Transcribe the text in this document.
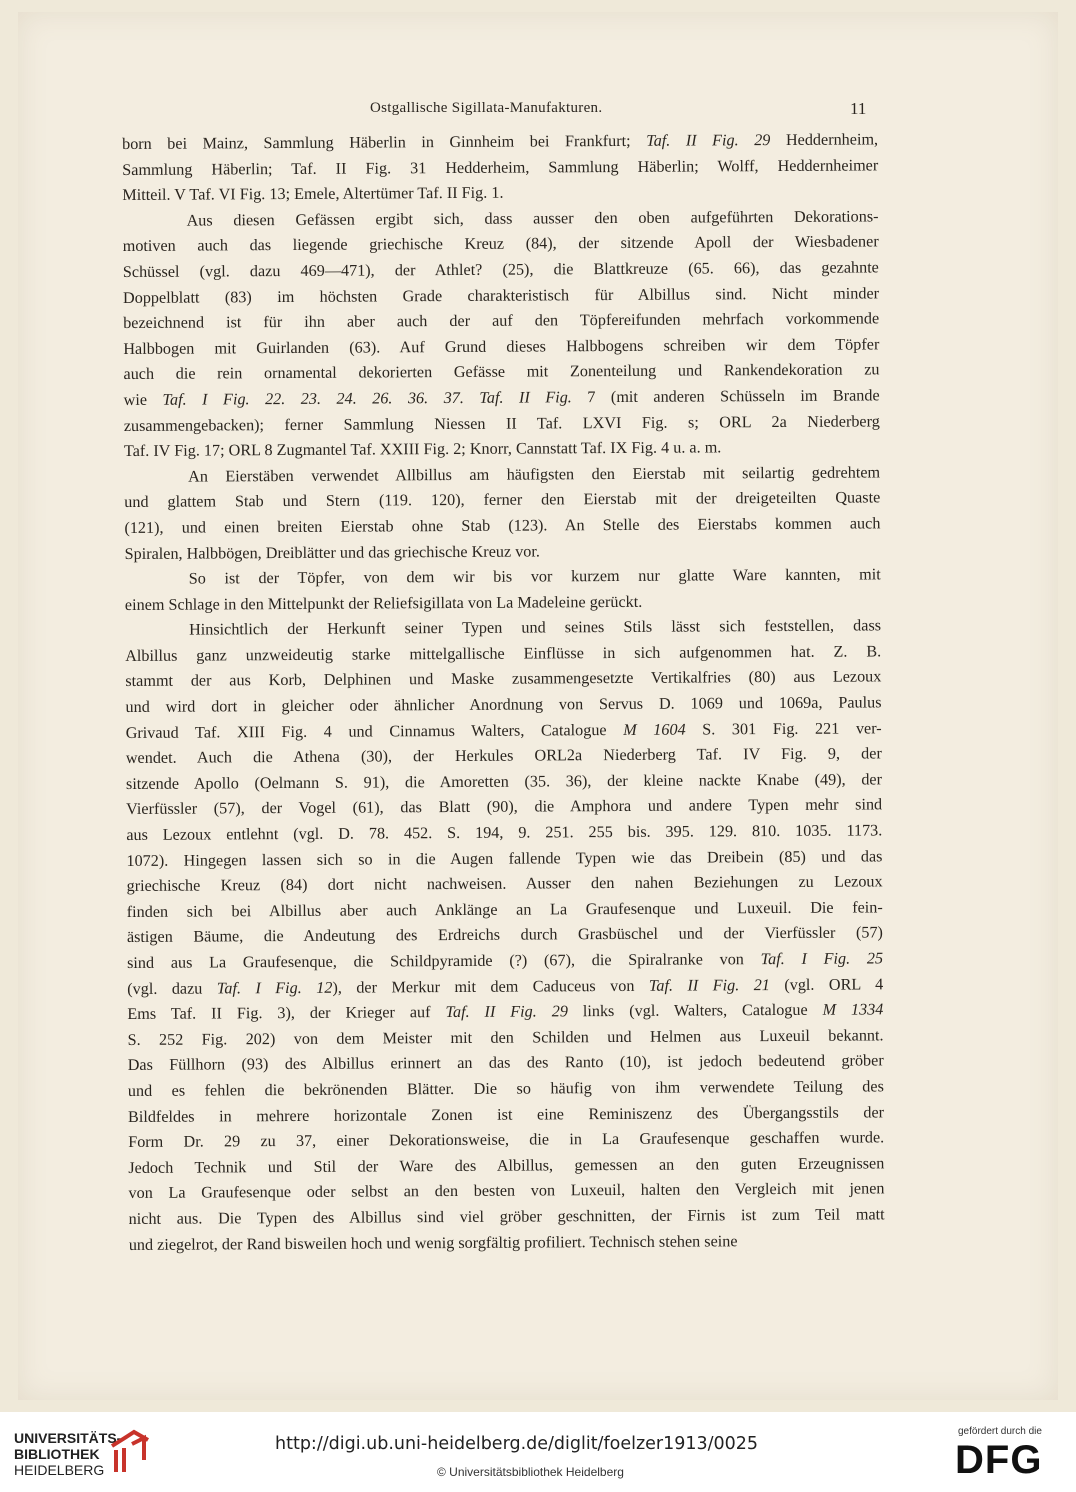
Ostgallische Sigillata-Manufakturen.	11

born bei Mainz, Sammlung Häberlin in Ginnheim bei Frankfurt; Taf. II Fig. 29 Heddernheim,

Sammlung Häberlin; Taf. II Fig. 31 Hedderheim, Sammlung Häberlin; Wolff, Heddernheimer

Mitteil. V Taf. VI Fig. 13; Emele, Altertümer Taf. II Fig. 1.

Aus diesen Gefässen ergibt sich, dass ausser den oben aufgeführten Dekorations-

motiven auch das liegende griechische Kreuz (84), der sitzende Apoll der Wiesbadener

Schüssel (vgl. dazu 469—471), der Athlet? (25), die Blattkreuze (65. 66), das gezahnte

Doppelblatt (83) im höchsten Grade charakteristisch für Albillus sind. Nicht minder

bezeichnend ist für ihn aber auch der auf den Töpfereifunden mehrfach vorkommende

Halbbogen mit Guirlanden (63). Auf Grund dieses Halbbogens schreiben wir dem Töpfer

auch die rein ornamental dekorierten Gefässe mit Zonenteilung und Rankendekoration zu

wie Taf. I Fig. 22. 23. 24. 26. 36. 37. Taf. II Fig. 7 (mit anderen Schüsseln im Brande

zusammengebacken); ferner Sammlung Niessen II Taf. LXVI Fig. s; ORL 2a Niederberg

Taf. IV Fig. 17; ORL 8 Zugmantel Taf. XXIII Fig. 2; Knorr, Cannstatt Taf. IX Fig. 4 u. a. m.

An Eierstäben verwendet Allbillus am häufigsten den Eierstab mit seilartig gedrehtem

und glattem Stab und Stern (119. 120), ferner den Eierstab mit der dreigeteilten Quaste

(121), und einen breiten Eierstab ohne Stab (123). An Stelle des Eierstabs kommen auch

Spiralen, Halbbögen, Dreiblätter und das griechische Kreuz vor.

So ist der Töpfer, von dem wir bis vor kurzem nur glatte Ware kannten, mit

einem Schlage in den Mittelpunkt der Reliefsigillata von La Madeleine gerückt.

Hinsichtlich der Herkunft seiner Typen und seines Stils lässt sich feststellen, dass

Albillus ganz unzweideutig starke mittelgallische Einflüsse in sich aufgenommen hat. Z. B.

stammt der aus Korb, Delphinen und Maske zusammengesetzte Vertikalfries (80) aus Lezoux

und wird dort in gleicher oder ähnlicher Anordnung von Servus D. 1069 und 1069a, Paulus

Grivaud Taf. XIII Fig. 4 und Cinnamus Walters, Catalogue M 1604 S. 301 Fig. 221 ver-

wendet. Auch die Athena (30), der Herkules ORL2a Niederberg Taf. IV Fig. 9, der

sitzende Apollo (Oelmann S. 91), die Amoretten (35. 36), der kleine nackte Knabe (49), der

Vierfüssler (57), der Vogel (61), das Blatt (90), die Amphora und andere Typen mehr sind

aus Lezoux entlehnt (vgl. D. 78. 452. S. 194, 9. 251. 255 bis. 395. 129. 810. 1035. 1173.

1072). Hingegen lassen sich so in die Augen fallende Typen wie das Dreibein (85) und das

griechische Kreuz (84) dort nicht nachweisen. Ausser den nahen Beziehungen zu Lezoux

finden sich bei Albillus aber auch Anklänge an La Graufesenque und Luxeuil. Die fein-

ästigen Bäume, die Andeutung des Erdreichs durch Grasbüschel und der Vierfüssler (57)

sind aus La Graufesenque, die Schildpyramide (?) (67), die Spiralranke von Taf. I Fig. 25

(vgl. dazu Taf. I Fig. 12), der Merkur mit dem Caduceus von Taf. II Fig. 21 (vgl. ORL 4

Ems Taf. II Fig. 3), der Krieger auf Taf. II Fig. 29 links (vgl. Walters, Catalogue M 1334

S. 252 Fig. 202) von dem Meister mit den Schilden und Helmen aus Luxeuil bekannt.

Das Füllhorn (93) des Albillus erinnert an das des Ranto (10), ist jedoch bedeutend gröber

und es fehlen die bekrönenden Blätter. Die so häufig von ihm verwendete Teilung des

Bildfeldes in mehrere horizontale Zonen ist eine Reminiszenz des Übergangsstils der

Form Dr. 29 zu 37, einer Dekorationsweise, die in La Graufesenque geschaffen wurde.

Jedoch Technik und Stil der Ware des Albillus, gemessen an den guten Erzeugnissen

von La Graufesenque oder selbst an den besten von Luxeuil, halten den Vergleich mit jenen

nicht aus. Die Typen des Albillus sind viel gröber geschnitten, der Firnis ist zum Teil matt

und ziegelrot, der Rand bisweilen hoch und wenig sorgfältig profiliert. Technisch stehen seine

UNIVERSITÄTS-
BIBLIOTHEK
HEIDELBERG
http://digi.ub.uni-heidelberg.de/diglit/foelzer1913/0025
© Universitätsbibliothek Heidelberg
gefördert durch die
DFG
